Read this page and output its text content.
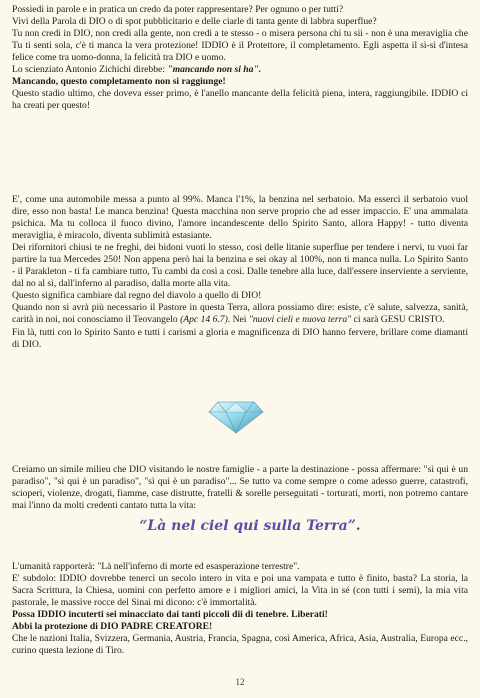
Possiedi in parole e in pratica un credo da poter rappresentare? Per ognuno o per tutti?
Vivi della Parola di DIO o di spot pubblicitario e delle ciarle di tanta gente di labbra superflue?
Tu non credi in DIO, non credi alla gente, non credi a te stesso - o misera persona chi tu sii - non è una meraviglia che Tu ti senti sola, c'è ti manca la vera protezione! IDDIO è il Protettore, il completamento. Egli aspetta il sì-sì d'intesa felice come tra uomo-donna, la felicità tra DIO e uomo.
Lo scienziato Antonio Zichichi direbbe: "mancando non si ha".
Mancando, questo completamento non si raggiunge!
Questo stadio ultimo, che doveva esser primo, è l'anello mancante della felicità piena, intera, raggiungibile. IDDIO ci ha creati per questo!
E', come una automobile messa a punto al 99%. Manca l'1%, la benzina nel serbatoio. Ma esserci il serbatoio vuol dire, esso non basta! Le manca benzina! Questa macchina non serve proprio che ad esser impaccio. E' una ammalata psichica. Ma tu colloca il fuoco divino, l'amore incandescente dello Spirito Santo, allora Happy! - tutto diventa meraviglia, è miracolo, diventa sublimità estasiante.
Dei rifornitori chiusi te ne freghi, dei bidoni vuoti lo stesso, così delle litanie superflue per tendere i nervi, tu vuoi far partire la tua Mercedes 250! Non appena però hai la benzina e sei okay al 100%, non ti manca nulla. Lo Spirito Santo - il Parakleton - ti fa cambiare tutto, Tu cambi da così a così. Dalle tenebre alla luce, dall'essere inserviente a serviente, dal no al sì, dall'inferno al paradiso, dalla morte alla vita.
Questo significa cambiare dal regno del diavolo a quello di DIO!
Quando non si avrà più necessario il Pastore in questa Terra, allora possiamo dire: esiste, c'è salute, salvezza, sanità, carità in noi, noi conosciamo il Teovangelo (Apc 14 6.7). Nei "nuovi cieli e nuova terra" ci sarà GESU CRISTO.
Fin là, tutti con lo Spirito Santo e tutti i carismi a gloria e magnificenza di DIO hanno fervere, brillare come diamanti di DIO.
Creiamo un simile milieu che DIO visitando le nostre famiglie - a parte la destinazione - possa affermare: "sì qui è un paradiso", "sì qui è un paradiso", "sì qui è un paradiso"... Se tutto va come sempre o come adesso guerre, catastrofi, scioperi, violenze, drogati, fiamme, case distrutte, fratelli & sorelle perseguitati - torturati, morti, non potremo cantare mai l'inno da molti credenti cantato tutta la vita:
“Là nel ciel qui sulla Terra”.
L'umanità rapporterà: "Là nell'inferno di morte ed esasperazione terrestre".
E' subdolo: IDDIO dovrebbe tenerci un secolo intero in vita e poi una vampata e tutto è finito, basta? La storia, la Sacra Scrittura, la Chiesa, uomini con perfetto amore e i migliori amici, la Vita in sé (con tutti i semi), la mia vita pastorale, le massive rocce del Sinai mi dicono: c'è immortalità.
Possa IDDIO incuterti sei minacciato dai tanti piccoli dii di tenebre. Liberati!
Abbi la protezione di DIO PADRE CREATORE!
Che le nazioni Italia, Svizzera, Germania, Austria, Francia, Spagna, così America, Africa, Asia, Australia, Europa ecc., curino questa lezione di Tiro.
12
